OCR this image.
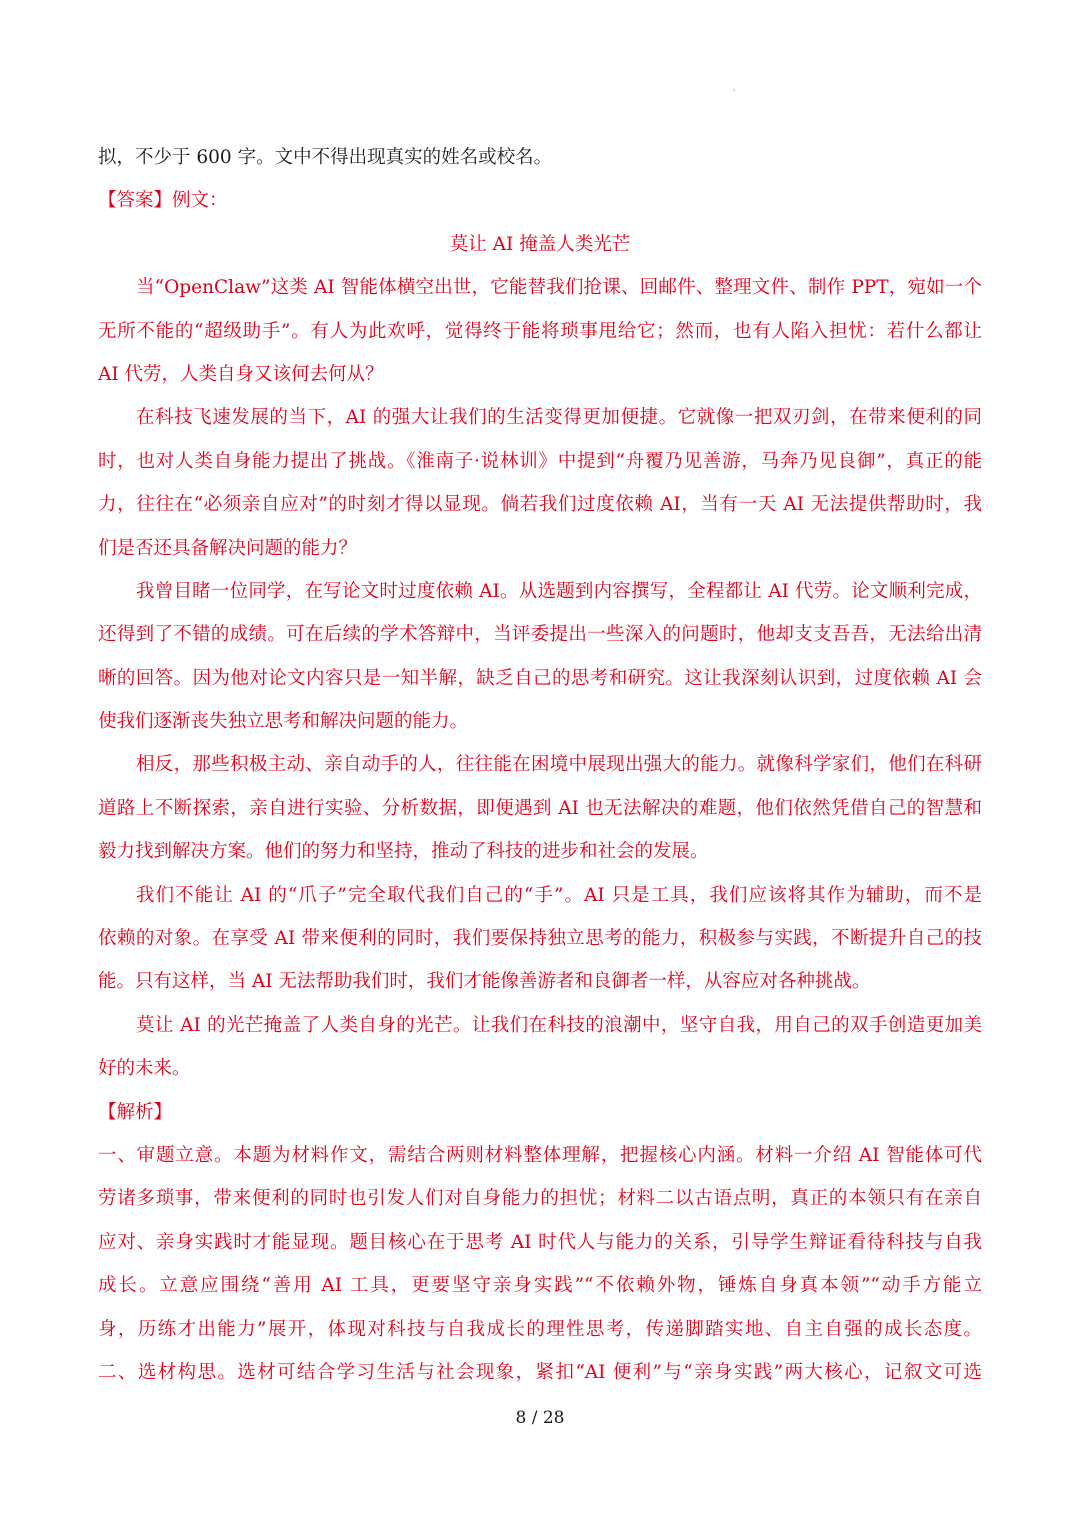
'
拟，不少于 600 字。文中不得出现真实的姓名或校名。
【答案】例文：
莫让 AI 掩盖人类光芒
当“OpenClaw”这类 AI 智能体横空出世，它能替我们抢课、回邮件、整理文件、制作 PPT，宛如一个
无所不能的“超级助手”。有人为此欢呼，觉得终于能将琐事甩给它；然而，也有人陷入担忧：若什么都让
AI 代劳，人类自身又该何去何从？
在科技飞速发展的当下，AI 的强大让我们的生活变得更加便捷。它就像一把双刃剑，在带来便利的同
时，也对人类自身能力提出了挑战。《淮南子·说林训》中提到“舟覆乃见善游，马奔乃见良御”，真正的能
力，往往在“必须亲自应对”的时刻才得以显现。倘若我们过度依赖 AI，当有一天 AI 无法提供帮助时，我
们是否还具备解决问题的能力？
我曾目睹一位同学，在写论文时过度依赖 AI。从选题到内容撰写，全程都让 AI 代劳。论文顺利完成，
还得到了不错的成绩。可在后续的学术答辩中，当评委提出一些深入的问题时，他却支支吾吾，无法给出清
晰的回答。因为他对论文内容只是一知半解，缺乏自己的思考和研究。这让我深刻认识到，过度依赖 AI 会
使我们逐渐丧失独立思考和解决问题的能力。
相反，那些积极主动、亲自动手的人，往往能在困境中展现出强大的能力。就像科学家们，他们在科研
道路上不断探索，亲自进行实验、分析数据，即便遇到 AI 也无法解决的难题，他们依然凭借自己的智慧和
毅力找到解决方案。他们的努力和坚持，推动了科技的进步和社会的发展。
我们不能让 AI 的“爪子”完全取代我们自己的“手”。AI 只是工具，我们应该将其作为辅助，而不是
依赖的对象。在享受 AI 带来便利的同时，我们要保持独立思考的能力，积极参与实践，不断提升自己的技
能。只有这样，当 AI 无法帮助我们时，我们才能像善游者和良御者一样，从容应对各种挑战。
莫让 AI 的光芒掩盖了人类自身的光芒。让我们在科技的浪潮中，坚守自我，用自己的双手创造更加美
好的未来。
【解析】
一、审题立意。本题为材料作文，需结合两则材料整体理解，把握核心内涵。材料一介绍 AI 智能体可代
劳诸多琐事，带来便利的同时也引发人们对自身能力的担忧；材料二以古语点明，真正的本领只有在亲自
应对、亲身实践时才能显现。题目核心在于思考 AI 时代人与能力的关系，引导学生辩证看待科技与自我
成长。立意应围绕“善用 AI 工具，更要坚守亲身实践”“不依赖外物，锤炼自身真本领”“动手方能立
身，历练才出能力”展开，体现对科技与自我成长的理性思考，传递脚踏实地、自主自强的成长态度。
二、选材构思。选材可结合学习生活与社会现象，紧扣“AI 便利”与“亲身实践”两大核心，记叙文可选
8 / 28
